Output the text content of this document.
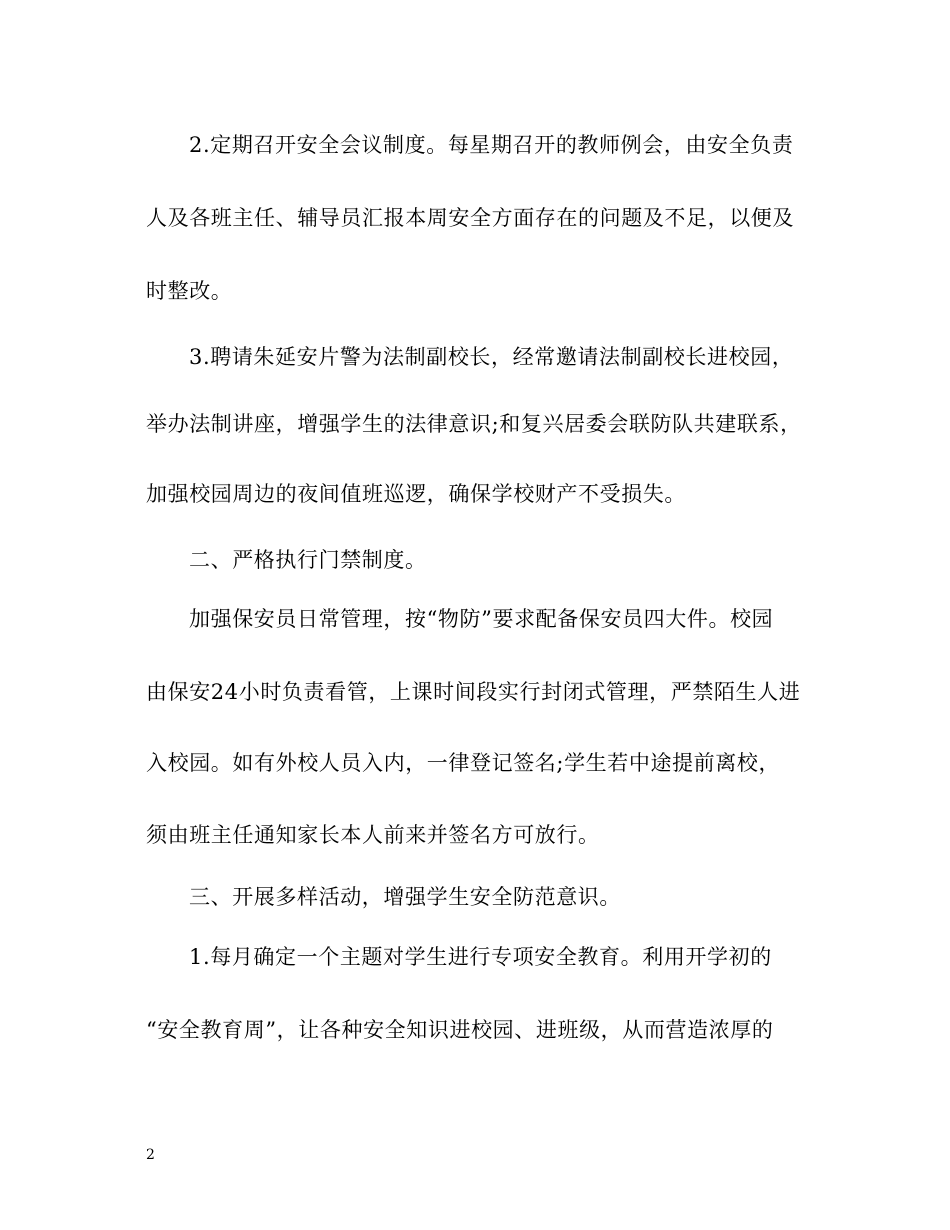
2.定期召开安全会议制度。每星期召开的教师例会，由安全负责
人及各班主任、辅导员汇报本周安全方面存在的问题及不足，以便及
时整改。
3.聘请朱延安片警为法制副校长，经常邀请法制副校长进校园，
举办法制讲座，增强学生的法律意识;和复兴居委会联防队共建联系，
加强校园周边的夜间值班巡逻，确保学校财产不受损失。
二、严格执行门禁制度。
加强保安员日常管理，按“物防”要求配备保安员四大件。校园
由保安24小时负责看管，上课时间段实行封闭式管理，严禁陌生人进
入校园。如有外校人员入内，一律登记签名;学生若中途提前离校，
须由班主任通知家长本人前来并签名方可放行。
三、开展多样活动，增强学生安全防范意识。
1.每月确定一个主题对学生进行专项安全教育。利用开学初的
“安全教育周”，让各种安全知识进校园、进班级，从而营造浓厚的
2
